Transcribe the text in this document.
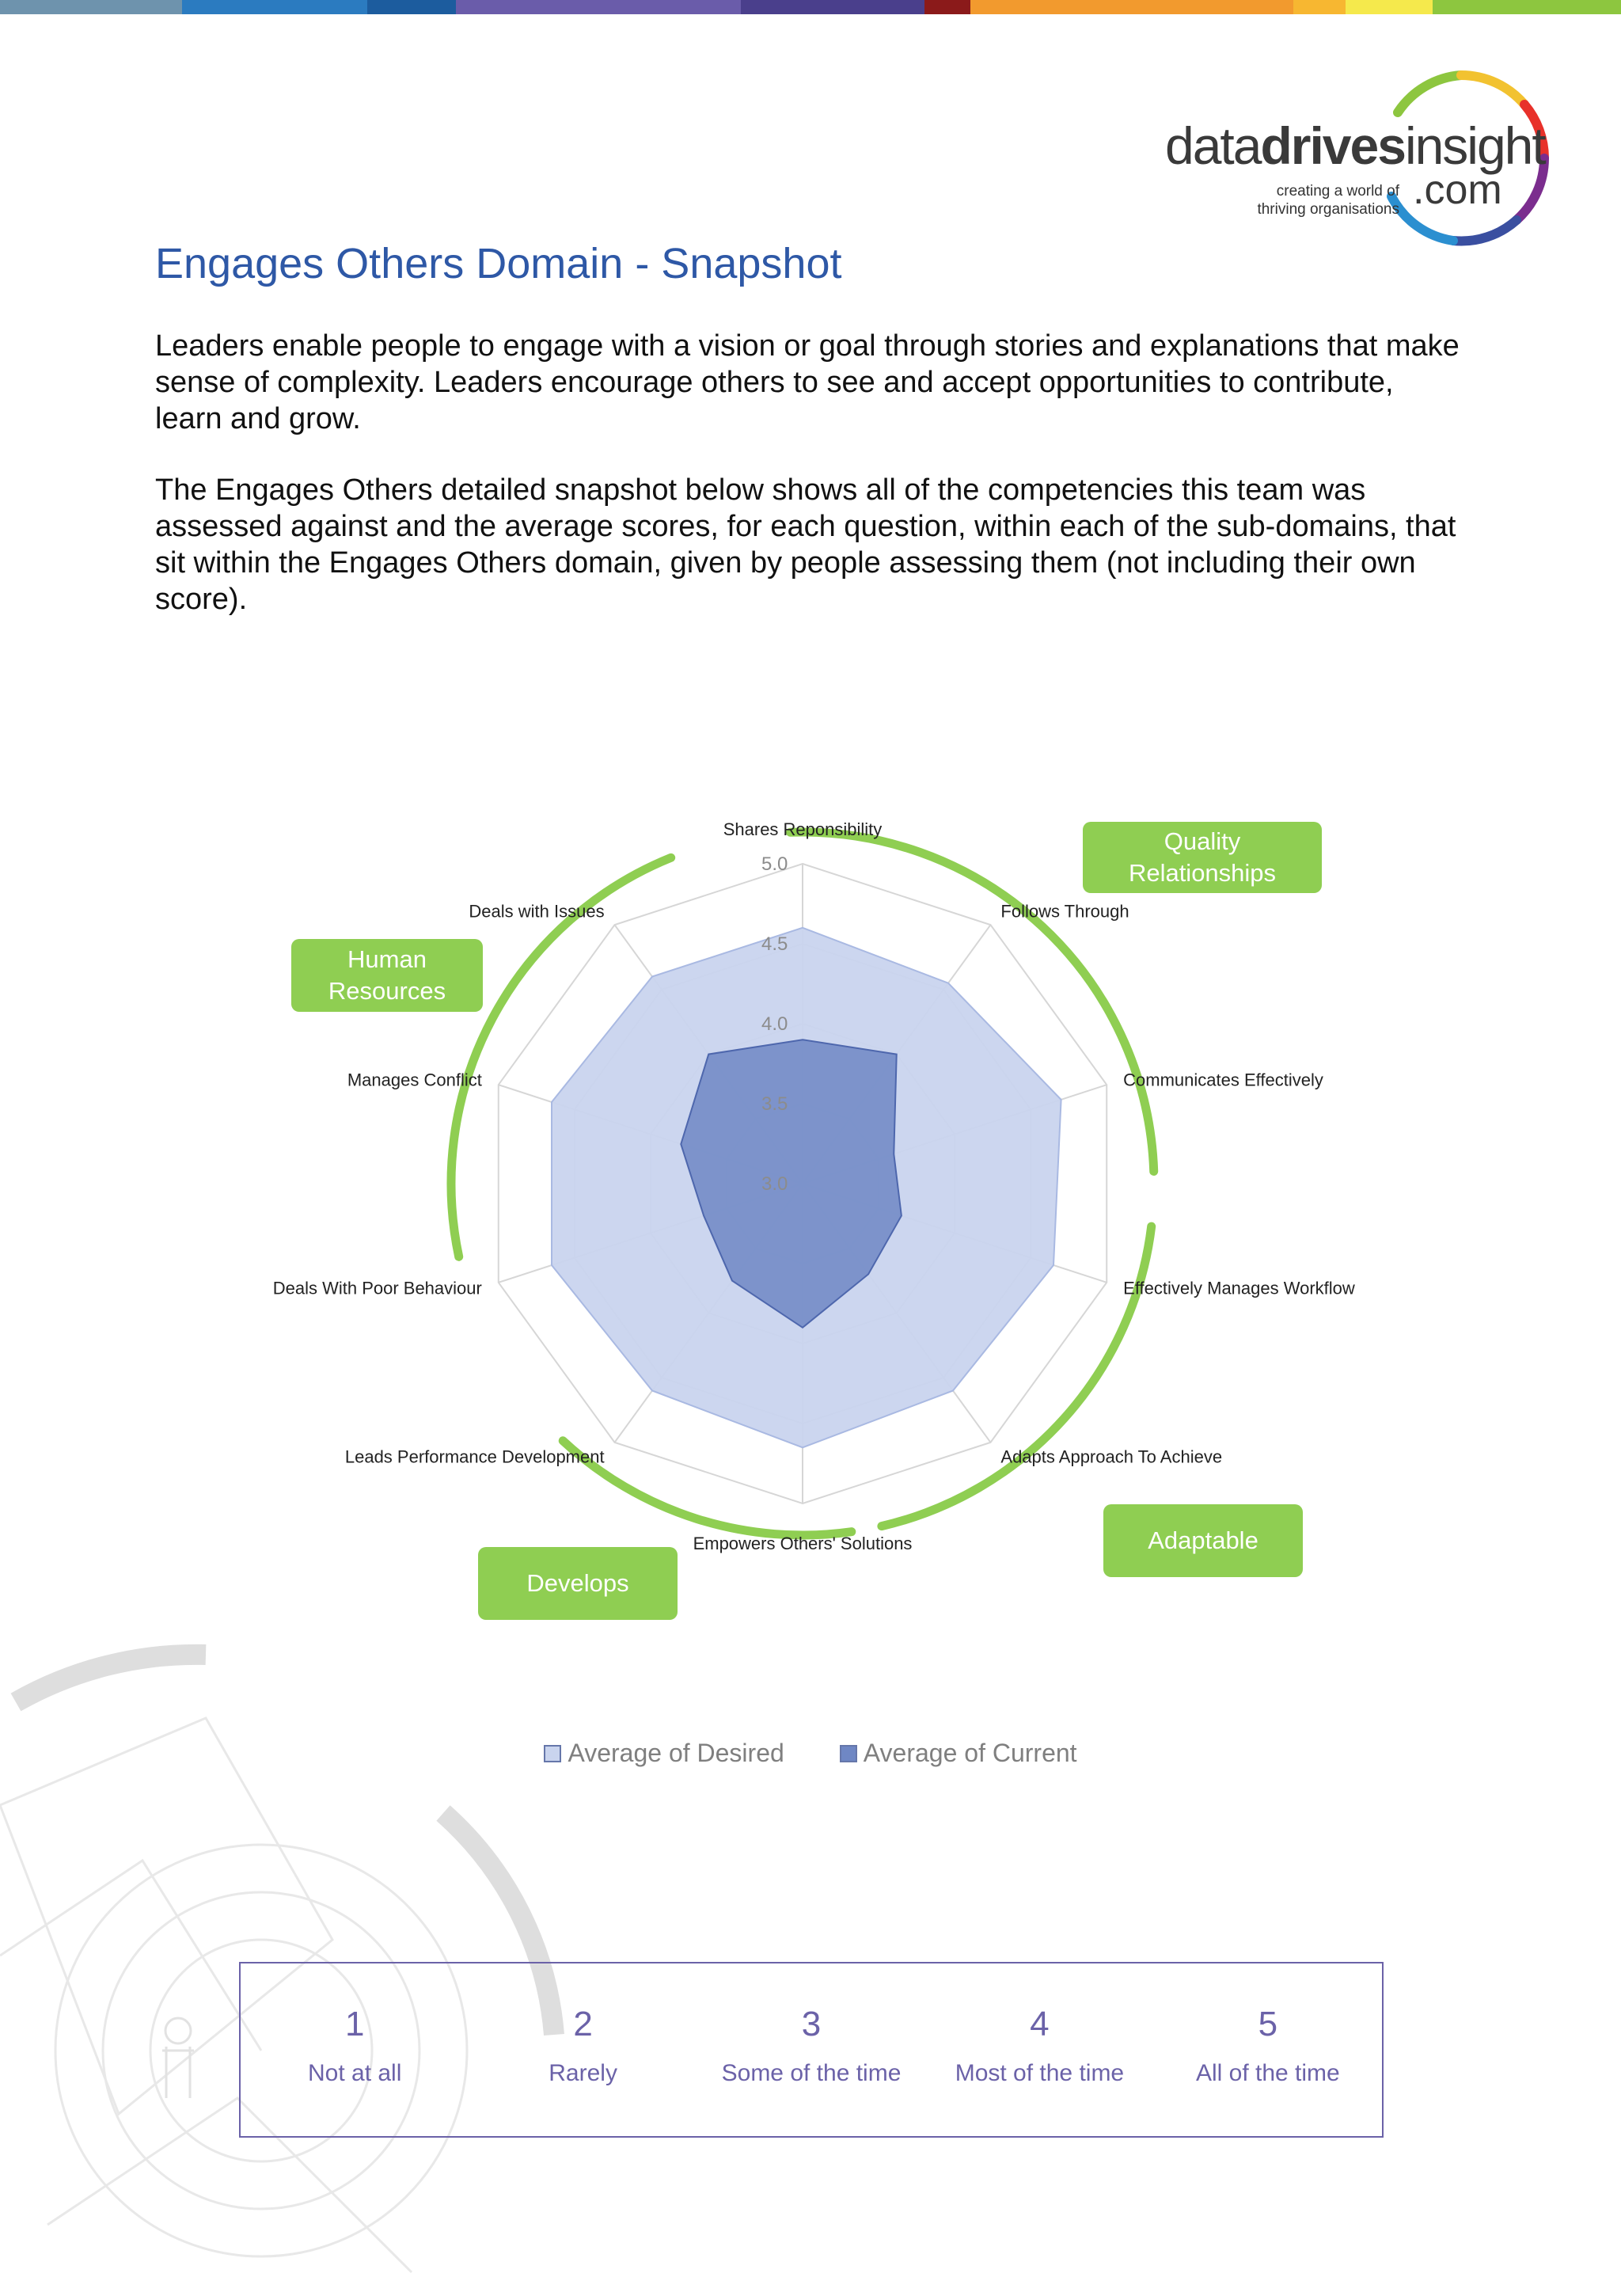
datadrivesinsight
creating a world of
thriving organisations .com
Engages Others Domain - Snapshot

Leaders enable people to engage with a vision or goal through stories and explanations that make sense of complexity. Leaders encourage others to see and accept opportunities to contribute, learn and grow.

The Engages Others detailed snapshot below shows all of the competencies this team was assessed against and the average scores, for each question, within each of the sub-domains, that sit within the Engages Others domain, given by people assessing them (not including their own score).

3.0
3.5
4.0
4.5
5.0
Shares Reponsibility
Follows Through
Communicates Effectively
Effectively Manages Workflow
Adapts Approach To Achieve
Empowers Others' Solutions
Leads Performance Development
Deals With Poor Behaviour
Manages Conflict
Deals with Issues
Quality Relationships
Human Resources
Adaptable
Develops
Average of Desired	Average of Current
1
Not at all
2
Rarely
3
Some of the time
4
Most of the time
5
All of the time
